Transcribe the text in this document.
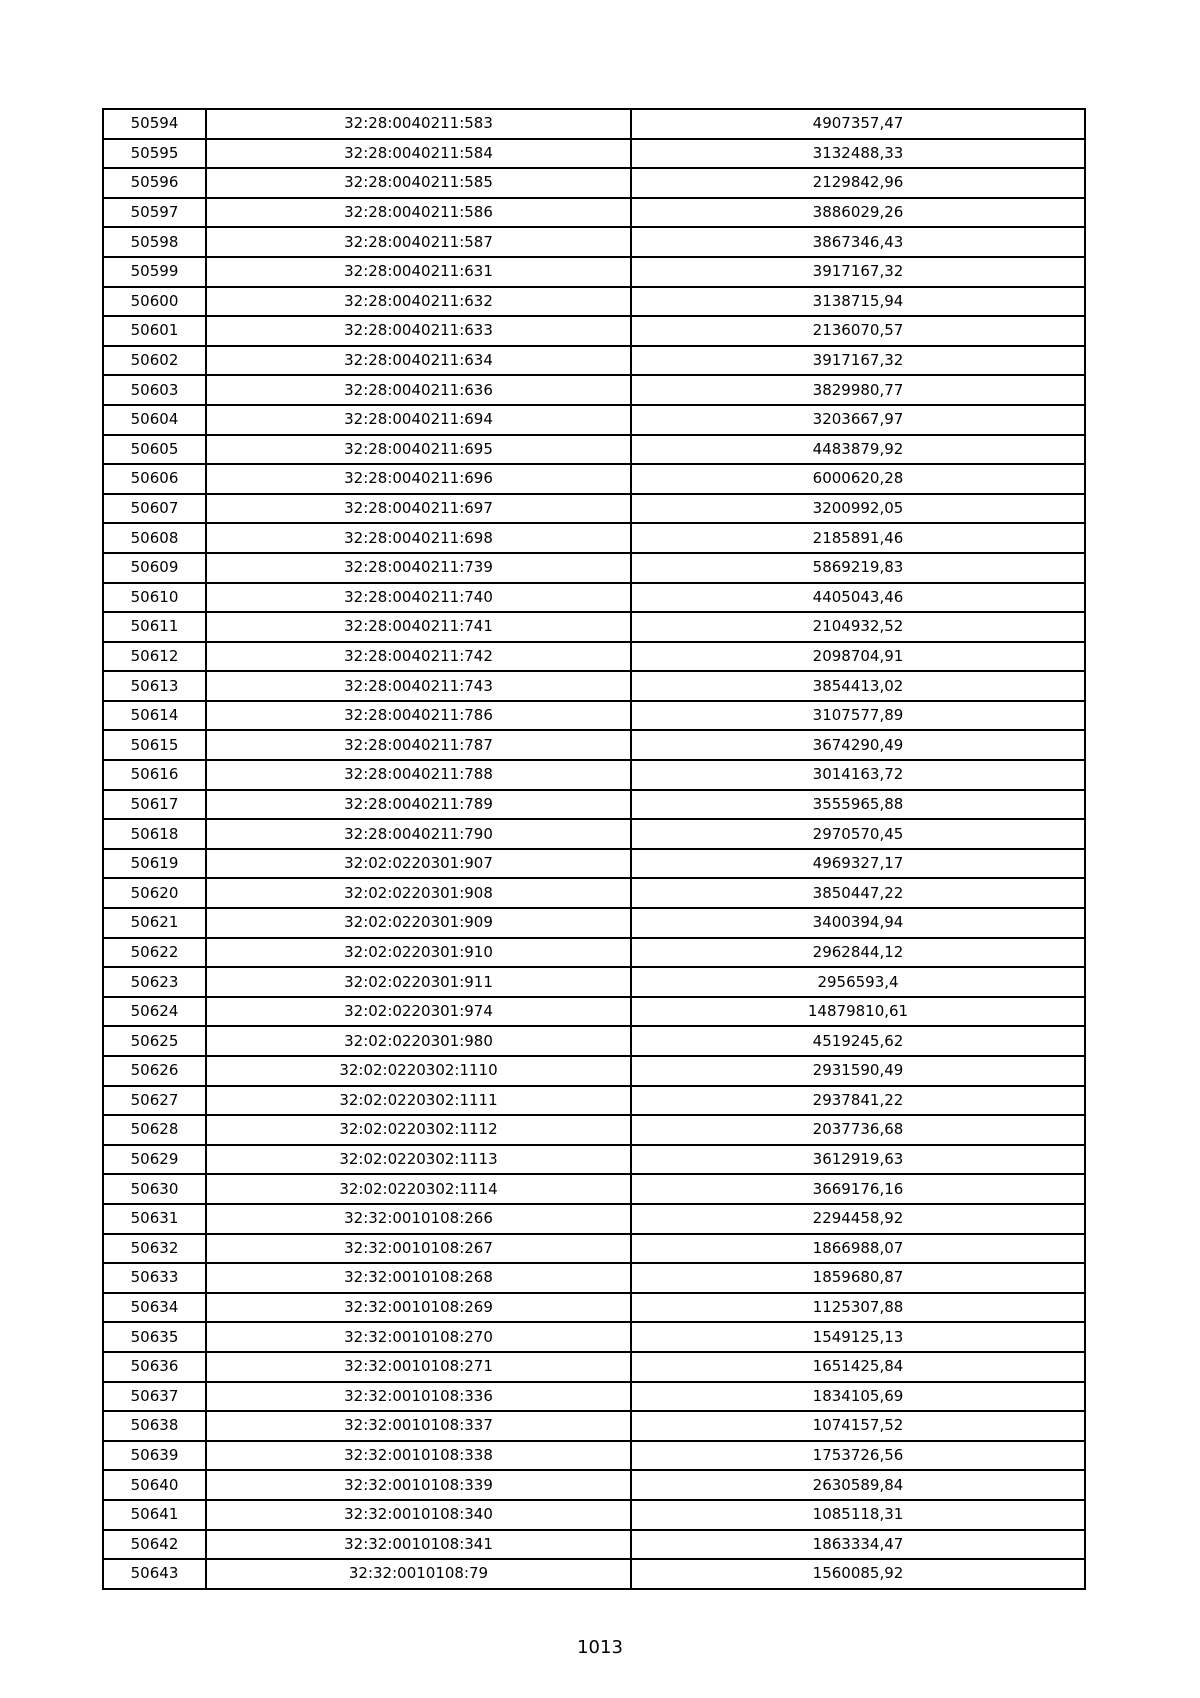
50594	32:28:0040211:583	4907357,47
50595	32:28:0040211:584	3132488,33
50596	32:28:0040211:585	2129842,96
50597	32:28:0040211:586	3886029,26
50598	32:28:0040211:587	3867346,43
50599	32:28:0040211:631	3917167,32
50600	32:28:0040211:632	3138715,94
50601	32:28:0040211:633	2136070,57
50602	32:28:0040211:634	3917167,32
50603	32:28:0040211:636	3829980,77
50604	32:28:0040211:694	3203667,97
50605	32:28:0040211:695	4483879,92
50606	32:28:0040211:696	6000620,28
50607	32:28:0040211:697	3200992,05
50608	32:28:0040211:698	2185891,46
50609	32:28:0040211:739	5869219,83
50610	32:28:0040211:740	4405043,46
50611	32:28:0040211:741	2104932,52
50612	32:28:0040211:742	2098704,91
50613	32:28:0040211:743	3854413,02
50614	32:28:0040211:786	3107577,89
50615	32:28:0040211:787	3674290,49
50616	32:28:0040211:788	3014163,72
50617	32:28:0040211:789	3555965,88
50618	32:28:0040211:790	2970570,45
50619	32:02:0220301:907	4969327,17
50620	32:02:0220301:908	3850447,22
50621	32:02:0220301:909	3400394,94
50622	32:02:0220301:910	2962844,12
50623	32:02:0220301:911	2956593,4
50624	32:02:0220301:974	14879810,61
50625	32:02:0220301:980	4519245,62
50626	32:02:0220302:1110	2931590,49
50627	32:02:0220302:1111	2937841,22
50628	32:02:0220302:1112	2037736,68
50629	32:02:0220302:1113	3612919,63
50630	32:02:0220302:1114	3669176,16
50631	32:32:0010108:266	2294458,92
50632	32:32:0010108:267	1866988,07
50633	32:32:0010108:268	1859680,87
50634	32:32:0010108:269	1125307,88
50635	32:32:0010108:270	1549125,13
50636	32:32:0010108:271	1651425,84
50637	32:32:0010108:336	1834105,69
50638	32:32:0010108:337	1074157,52
50639	32:32:0010108:338	1753726,56
50640	32:32:0010108:339	2630589,84
50641	32:32:0010108:340	1085118,31
50642	32:32:0010108:341	1863334,47
50643	32:32:0010108:79	1560085,92
1013
